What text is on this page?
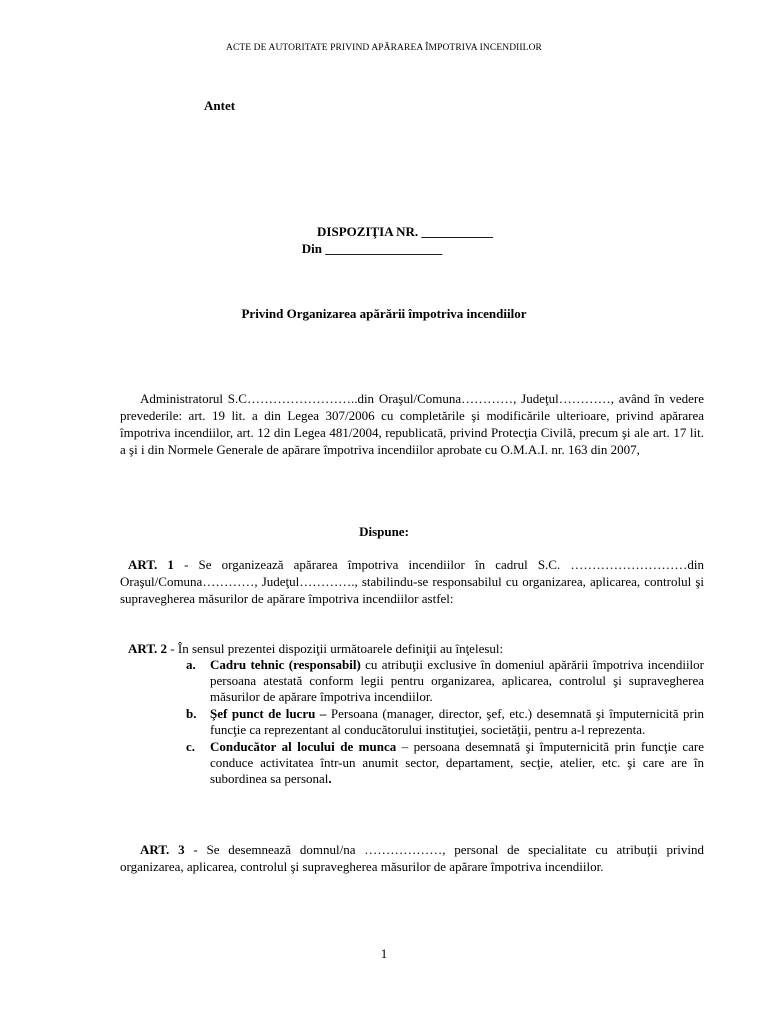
ACTE DE AUTORITATE PRIVIND APĂRAREA ÎMPOTRIVA INCENDIILOR
Antet
DISPOZIŢIA NR. ___________
Din __________________
Privind Organizarea apărării împotriva incendiilor
Administratorul S.C……………………..din Oraşul/Comuna…………, Judeţul…………, având în vedere prevederile: art. 19 lit. a din Legea 307/2006 cu completările şi modificările ulterioare, privind apărarea împotriva incendiilor, art. 12 din Legea 481/2004, republicată, privind Protecţia Civilă, precum şi ale art. 17 lit. a şi i din Normele Generale de apărare împotriva incendiilor aprobate cu O.M.A.I. nr. 163 din 2007,
Dispune:
ART. 1 - Se organizează apărarea împotriva incendiilor în cadrul S.C. ………………………din Oraşul/Comuna…………, Judeţul…………., stabilindu-se responsabilul cu organizarea, aplicarea, controlul şi supravegherea măsurilor de apărare împotriva incendiilor astfel:
ART. 2 - În sensul prezentei dispoziţii următoarele definiţii au înţelesul:
a. Cadru tehnic (responsabil) cu atribuţii exclusive în domeniul apărării împotriva incendiilor persoana atestată conform legii pentru organizarea, aplicarea, controlul şi supravegherea măsurilor de apărare împotriva incendiilor.
b. Şef punct de lucru – Persoana (manager, director, şef, etc.) desemnată şi împuternicită prin funcţie ca reprezentant al conducătorului instituţiei, societăţii, pentru a-l reprezenta.
c. Conducător al locului de munca – persoana desemnată şi împuternicită prin funcţie care conduce activitatea într-un anumit sector, departament, secţie, atelier, etc. şi care are în subordinea sa personal.
ART. 3 - Se desemnează domnul/na ………………, personal de specialitate cu atribuţii privind organizarea, aplicarea, controlul şi supravegherea măsurilor de apărare împotriva incendiilor.
1
